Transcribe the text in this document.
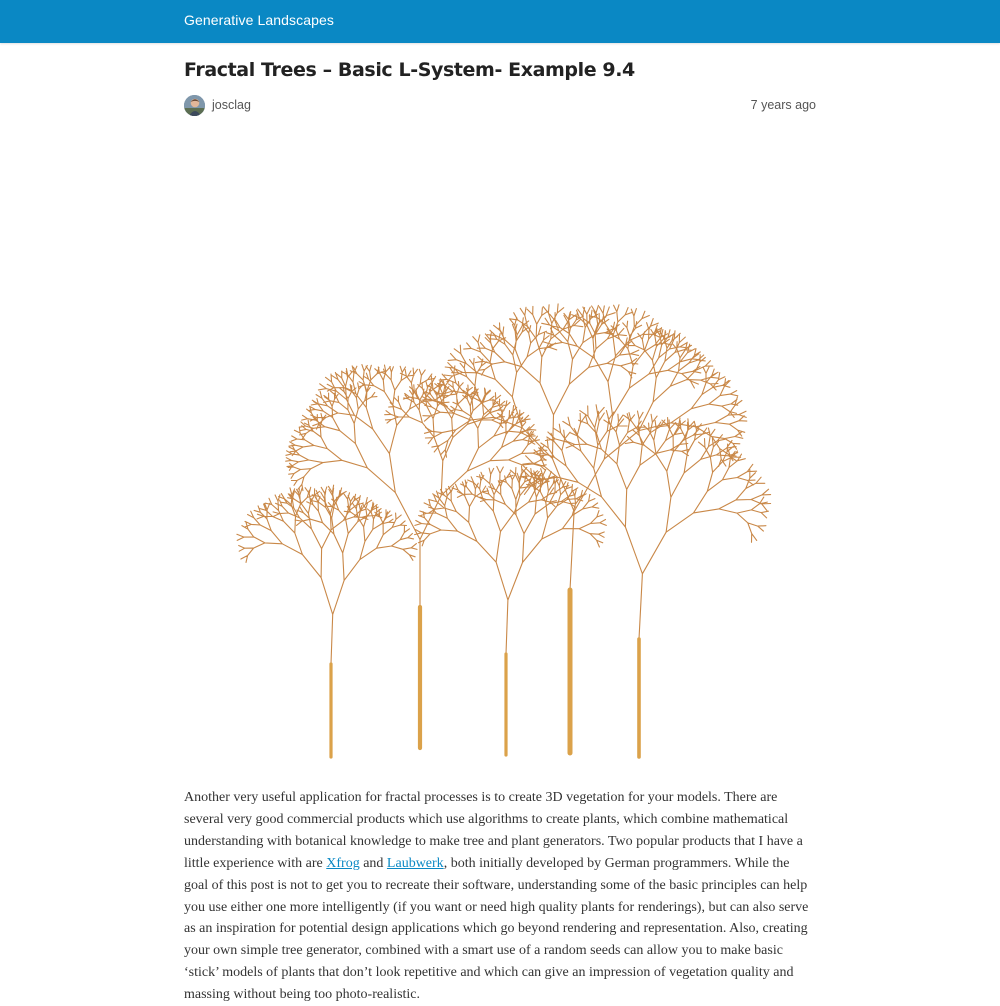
Generative Landscapes
Fractal Trees – Basic L-System- Example 9.4
josclag	7 years ago

Another very useful application for fractal processes is to create 3D vegetation for your models. There are several very good commercial products which use algorithms to create plants, which combine mathematical understanding with botanical knowledge to make tree and plant generators. Two popular products that I have a little experience with are Xfrog and Laubwerk, both initially developed by German programmers. While the goal of this post is not to get you to recreate their software, understanding some of the basic principles can help you use either one more intelligently (if you want or need high quality plants for renderings), but can also serve as an inspiration for potential design applications which go beyond rendering and representation. Also, creating your own simple tree generator, combined with a smart use of a random seeds can allow you to make basic ‘stick’ models of plants that don’t look repetitive and which can give an impression of vegetation quality and massing without being too photo-realistic.
